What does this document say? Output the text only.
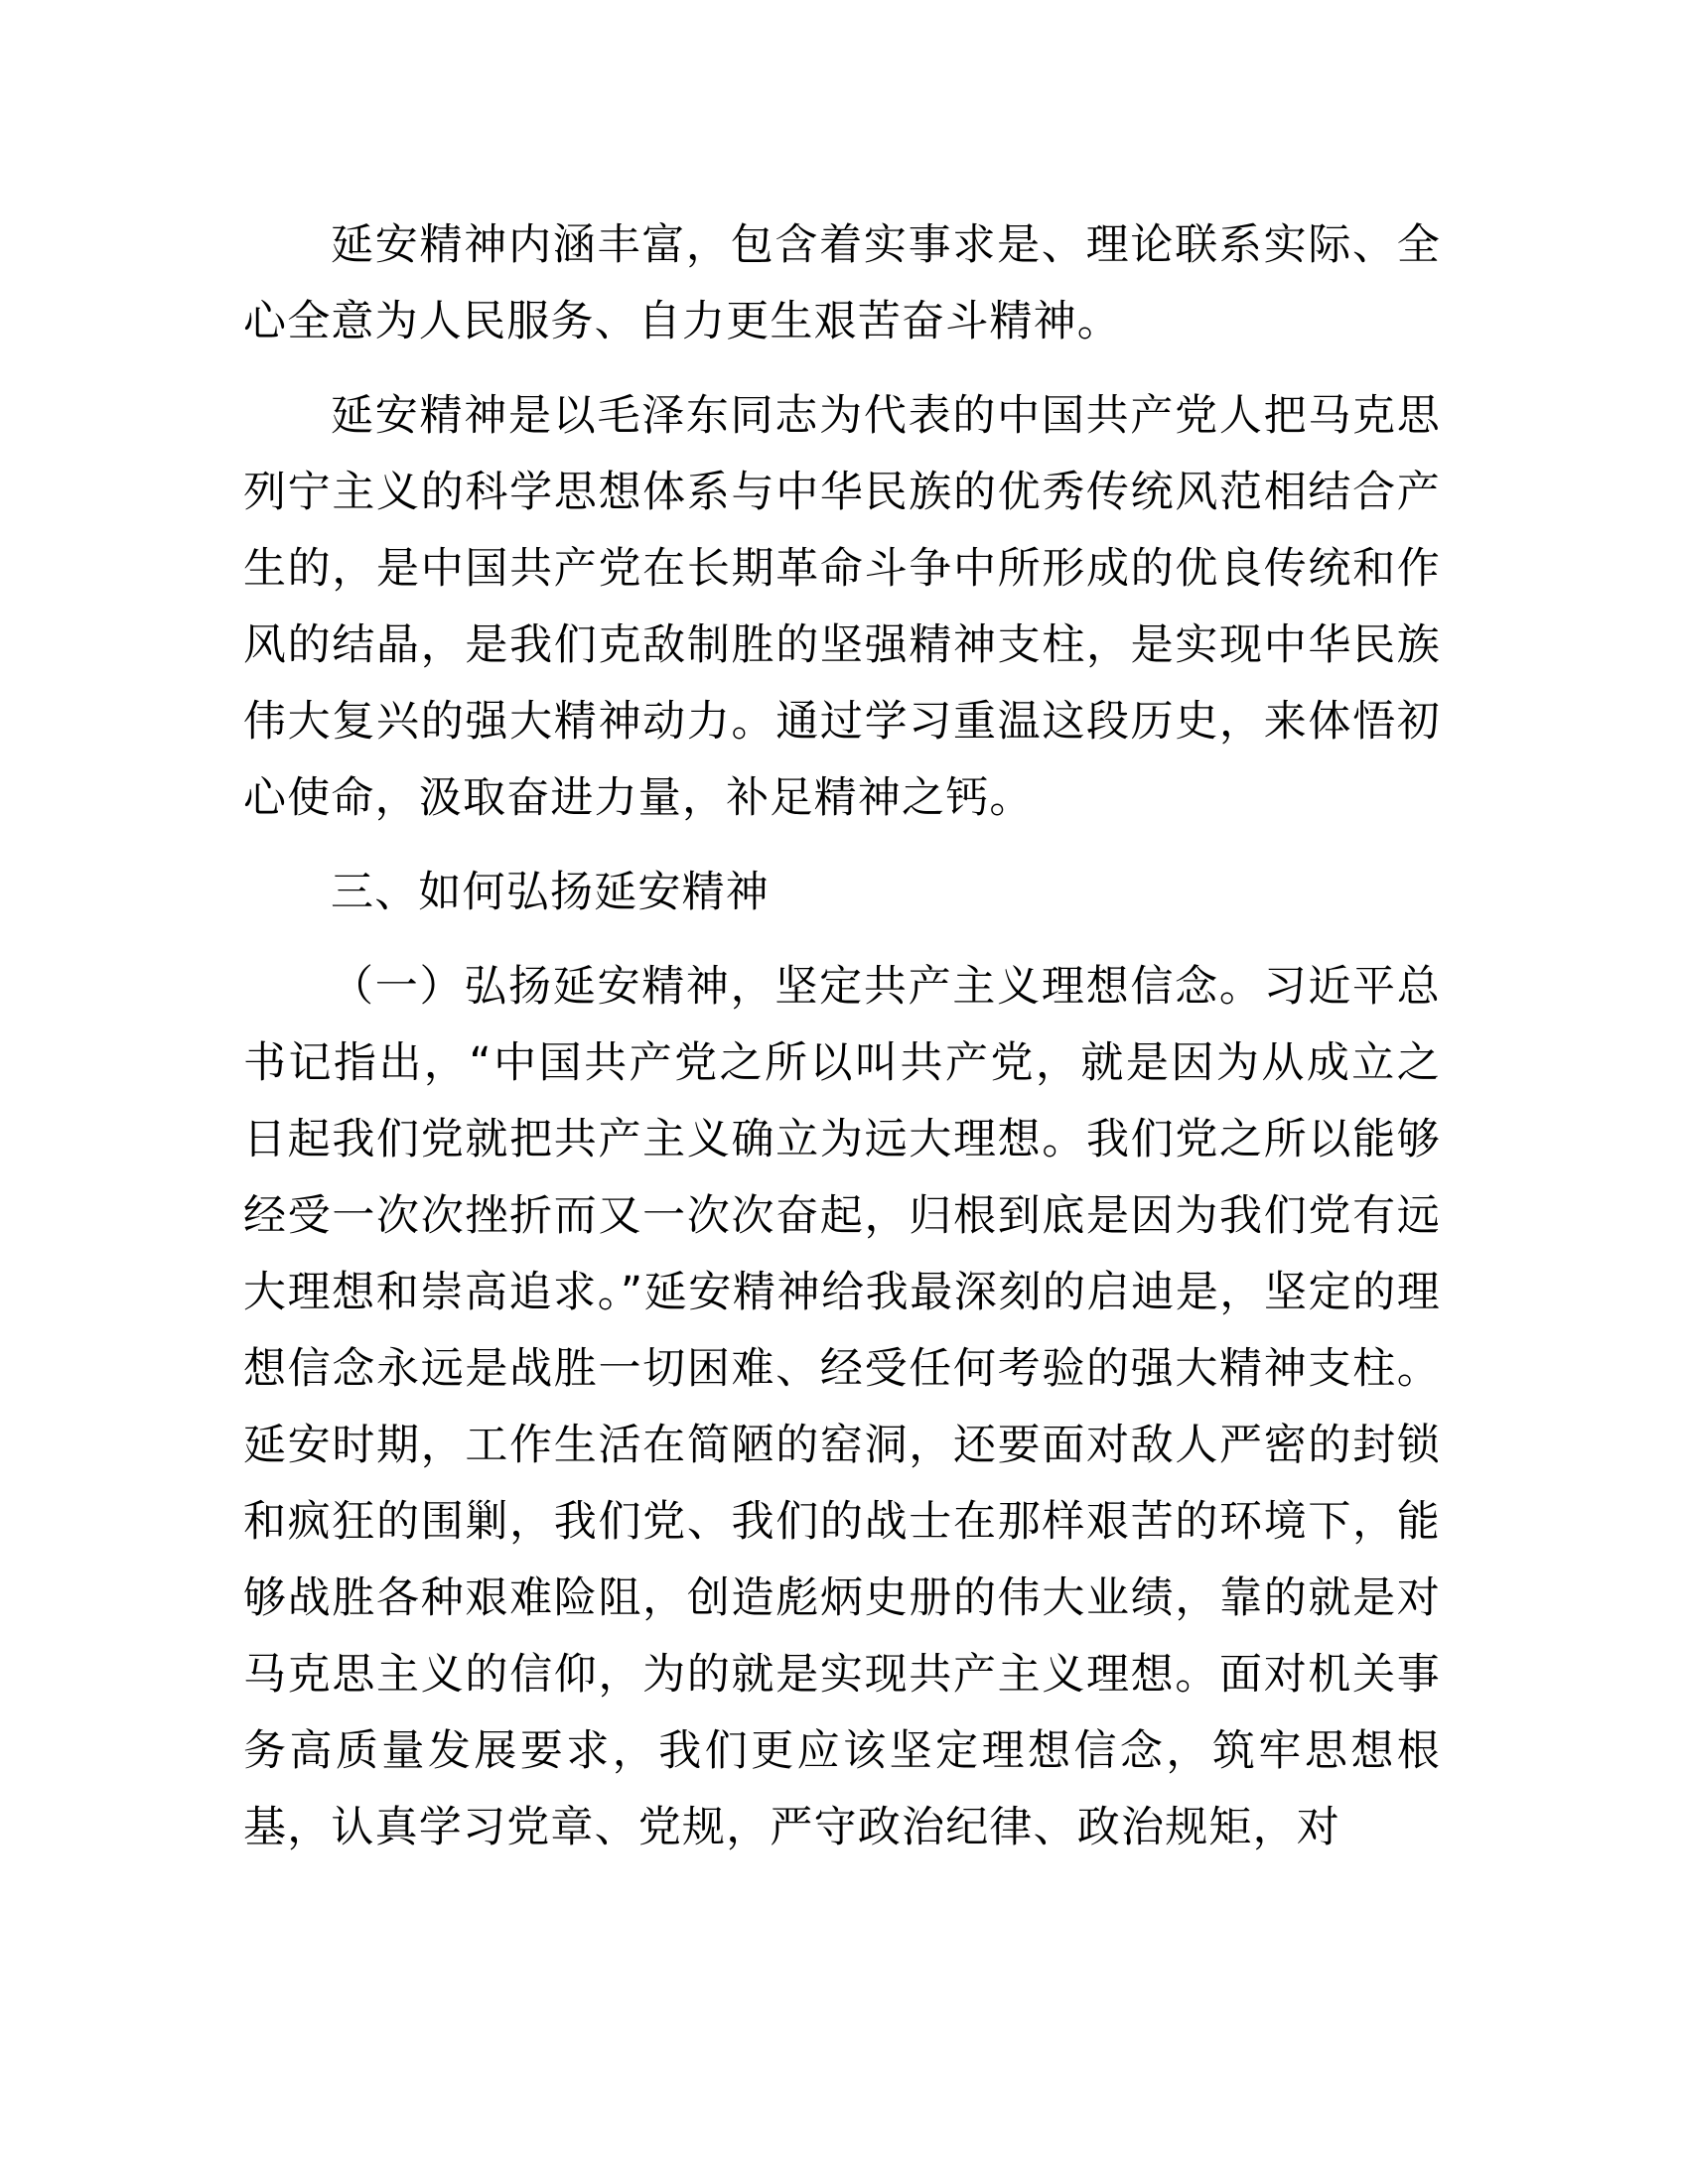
延安精神内涵丰富，包含着实事求是、理论联系实际、全心全意为人民服务、自力更生艰苦奋斗精神。

延安精神是以毛泽东同志为代表的中国共产党人把马克思列宁主义的科学思想体系与中华民族的优秀传统风范相结合产生的，是中国共产党在长期革命斗争中所形成的优良传统和作风的结晶，是我们克敌制胜的坚强精神支柱，是实现中华民族伟大复兴的强大精神动力。通过学习重温这段历史，来体悟初心使命，汲取奋进力量，补足精神之钙。

三、如何弘扬延安精神

（一）弘扬延安精神，坚定共产主义理想信念。习近平总书记指出，“中国共产党之所以叫共产党，就是因为从成立之日起我们党就把共产主义确立为远大理想。我们党之所以能够经受一次次挫折而又一次次奋起，归根到底是因为我们党有远大理想和崇高追求。”延安精神给我最深刻的启迪是，坚定的理想信念永远是战胜一切困难、经受任何考验的强大精神支柱。延安时期，工作生活在简陋的窑洞，还要面对敌人严密的封锁和疯狂的围剿，我们党、我们的战士在那样艰苦的环境下，能够战胜各种艰难险阻，创造彪炳史册的伟大业绩，靠的就是对马克思主义的信仰，为的就是实现共产主义理想。面对机关事务高质量发展要求，我们更应该坚定理想信念，筑牢思想根基，认真学习党章、党规，严守政治纪律、政治规矩，对
